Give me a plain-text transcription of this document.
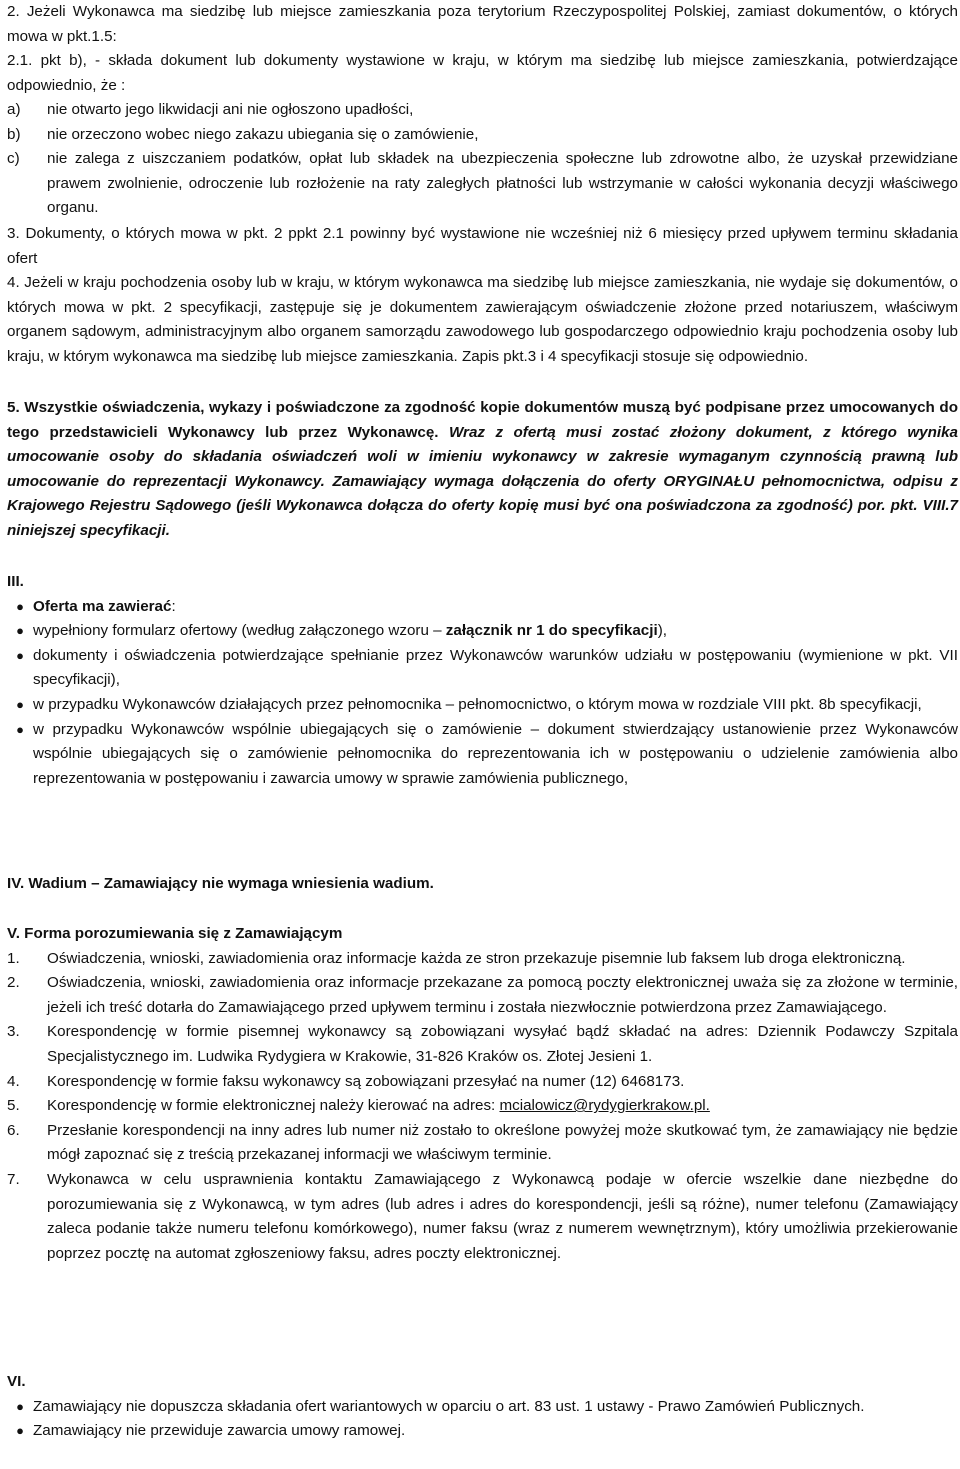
2. Jeżeli Wykonawca ma siedzibę lub miejsce zamieszkania poza terytorium Rzeczypospolitej Polskiej, zamiast dokumentów, o których mowa w pkt.1.5:

2.1. pkt b), - składa dokument lub dokumenty wystawione w kraju, w którym ma siedzibę lub miejsce zamieszkania, potwierdzające odpowiednio, że :

a)	nie otwarto jego likwidacji ani nie ogłoszono upadłości,
b)	nie orzeczono wobec niego zakazu ubiegania się o zamówienie,
c)	nie zalega z uiszczaniem podatków, opłat lub składek na ubezpieczenia społeczne lub zdrowotne albo, że uzyskał przewidziane prawem zwolnienie, odroczenie lub rozłożenie na raty zaległych płatności lub wstrzymanie w całości wykonania decyzji właściwego organu.

3. Dokumenty, o których mowa w pkt. 2 ppkt 2.1 powinny być wystawione nie wcześniej niż 6 miesięcy przed upływem terminu składania ofert

4. Jeżeli w kraju pochodzenia osoby lub w kraju, w którym wykonawca ma siedzibę lub miejsce zamieszkania, nie wydaje się dokumentów, o których mowa w pkt. 2 specyfikacji, zastępuje się je dokumentem zawierającym oświadczenie złożone przed notariuszem, właściwym organem sądowym, administracyjnym albo organem samorządu zawodowego lub gospodarczego odpowiednio kraju pochodzenia osoby lub kraju, w którym wykonawca ma siedzibę lub miejsce zamieszkania. Zapis pkt.3 i 4 specyfikacji stosuje się odpowiednio.

5. Wszystkie oświadczenia, wykazy i poświadczone za zgodność kopie dokumentów muszą być podpisane przez umocowanych do tego przedstawicieli Wykonawcy lub przez Wykonawcę. Wraz z ofertą musi zostać złożony dokument, z którego wynika umocowanie osoby do składania oświadczeń woli w imieniu wykonawcy w zakresie wymaganym czynnością prawną lub umocowanie do reprezentacji Wykonawcy. Zamawiający wymaga dołączenia do oferty ORYGINAŁU pełnomocnictwa, odpisu z Krajowego Rejestru Sądowego (jeśli Wykonawca dołącza do oferty kopię musi być ona poświadczona za zgodność) por. pkt. VIII.7 niniejszej specyfikacji.

III.
● Oferta ma zawierać:
● wypełniony formularz ofertowy (według załączonego wzoru – załącznik nr 1 do specyfikacji),
● dokumenty i oświadczenia potwierdzające spełnianie przez Wykonawców warunków udziału w postępowaniu (wymienione w pkt. VII specyfikacji),
● w przypadku Wykonawców działających przez pełnomocnika – pełnomocnictwo, o którym mowa w rozdziale VIII pkt. 8b specyfikacji,
● w przypadku Wykonawców wspólnie ubiegających się o zamówienie – dokument stwierdzający ustanowienie przez Wykonawców wspólnie ubiegających się o zamówienie pełnomocnika do reprezentowania ich w postępowaniu o udzielenie zamówienia albo reprezentowania w postępowaniu i zawarcia umowy w sprawie zamówienia publicznego,

IV. Wadium – Zamawiający nie wymaga wniesienia wadium.

V. Forma porozumiewania się z Zamawiającym
1.	Oświadczenia, wnioski, zawiadomienia oraz informacje każda ze stron przekazuje pisemnie lub faksem lub droga elektroniczną.
2.	Oświadczenia, wnioski, zawiadomienia oraz informacje przekazane za pomocą poczty elektronicznej uważa się za złożone w terminie, jeżeli ich treść dotarła do Zamawiającego przed upływem terminu i została niezwłocznie potwierdzona przez Zamawiającego.
3.	Korespondencję w formie pisemnej wykonawcy są zobowiązani wysyłać bądź składać na adres: Dziennik Podawczy Szpitala Specjalistycznego im. Ludwika Rydygiera w Krakowie, 31-826 Kraków os. Złotej Jesieni 1.
4.	Korespondencję w formie faksu wykonawcy są zobowiązani przesyłać na numer (12) 6468173.
5.	Korespondencję w formie elektronicznej należy kierować na adres: mcialowicz@rydygierkrakow.pl.
6.	Przesłanie korespondencji na inny adres lub numer niż zostało to określone powyżej może skutkować tym, że zamawiający nie będzie mógł zapoznać się z treścią przekazanej informacji we właściwym terminie.
7.	Wykonawca w celu usprawnienia kontaktu Zamawiającego z Wykonawcą podaje w ofercie wszelkie dane niezbędne do porozumiewania się z Wykonawcą, w tym adres (lub adres i adres do korespondencji, jeśli są różne), numer telefonu (Zamawiający zaleca podanie także numeru telefonu komórkowego), numer faksu (wraz z numerem wewnętrznym), który umożliwia przekierowanie poprzez pocztę na automat zgłoszeniowy faksu, adres poczty elektronicznej.
VI.
● Zamawiający nie dopuszcza składania ofert wariantowych w oparciu o art. 83 ust. 1 ustawy - Prawo Zamówień Publicznych.
● Zamawiający nie przewiduje zawarcia umowy ramowej.
